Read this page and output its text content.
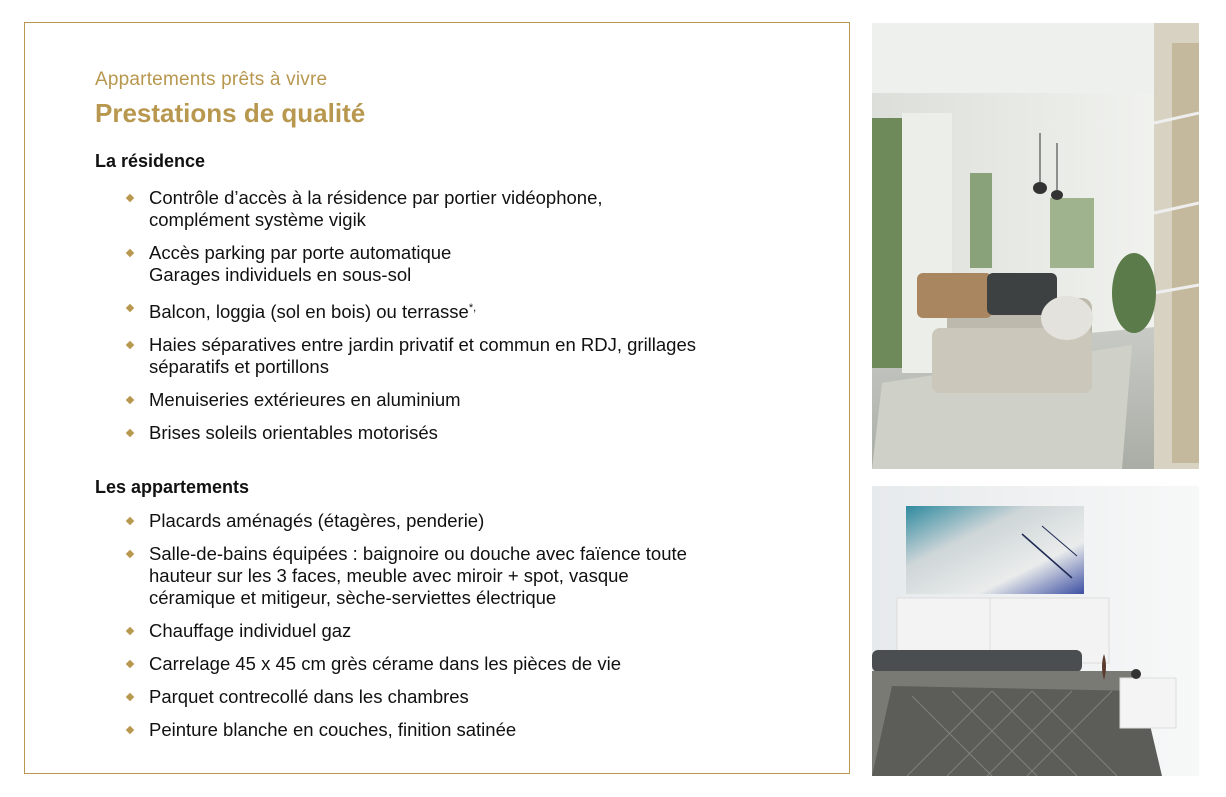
Appartements prêts à vivre
Prestations de qualité
La résidence
Contrôle d’accès à la résidence par portier vidéophone,
complément système vigik
Accès parking par porte automatique
Garages individuels en sous-sol
Balcon, loggia (sol en bois) ou terrasse*,
Haies séparatives entre jardin privatif et commun en RDJ, grillages
séparatifs et portillons
Menuiseries extérieures en aluminium
Brises soleils orientables motorisés
Les appartements
Placards aménagés (étagères, penderie)
Salle-de-bains équipées : baignoire ou douche avec faïence toute
hauteur sur les 3 faces, meuble avec miroir + spot, vasque
céramique et mitigeur, sèche-serviettes électrique
Chauffage individuel gaz
Carrelage 45 x 45 cm grès cérame dans les pièces de vie
Parquet contrecollé dans les chambres
Peinture blanche en couches, finition satinée
